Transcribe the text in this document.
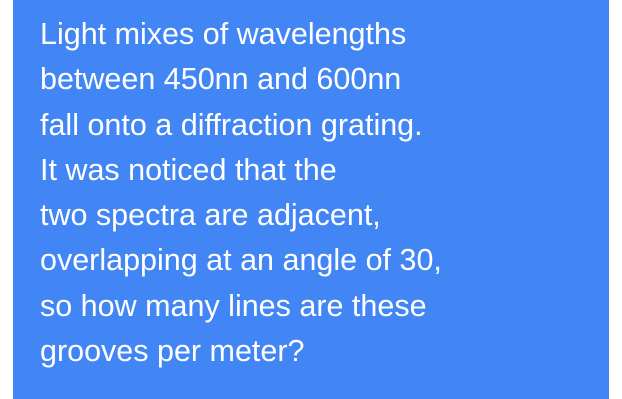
Light mixes of wavelengths
between 450nn and 600nn
fall onto a diffraction grating.
It was noticed that the
two spectra are adjacent,
overlapping at an angle of 30,
so how many lines are these
grooves per meter?
